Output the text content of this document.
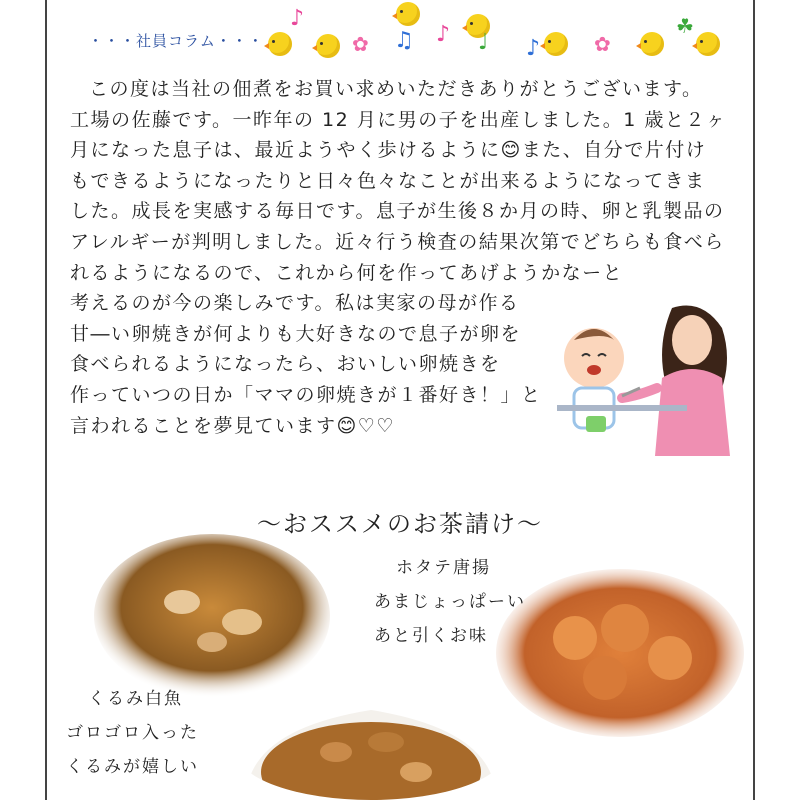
・・・社員コラム・・・	✿
♪
♫ ♪ ♩ ♪	✿
☘
この度は当社の佃煮をお買い求めいただきありがとうございます。
工場の佐藤です。一昨年の 12 月に男の子を出産しました。1 歳と２ヶ
月になった息子は、最近ようやく歩けるように😊また、自分で片付け
もできるようになったりと日々色々なことが出来るようになってきま
した。成長を実感する毎日です。息子が生後８か月の時、卵と乳製品の
アレルギーが判明しました。近々行う検査の結果次第でどちらも食べら
れるようになるので、これから何を作ってあげようかなーと
考えるのが今の楽しみです。私は実家の母が作る
甘―い卵焼きが何よりも大好きなので息子が卵を
食べられるようになったら、おいしい卵焼きを
作っていつの日か「ママの卵焼きが１番好き！」と
言われることを夢見ています😊♡♡
～おススメのお茶請け～
ホタテ唐揚
あまじょっぱーい
あと引くお味
くるみ白魚
ゴロゴロ入った
くるみが嬉しい
